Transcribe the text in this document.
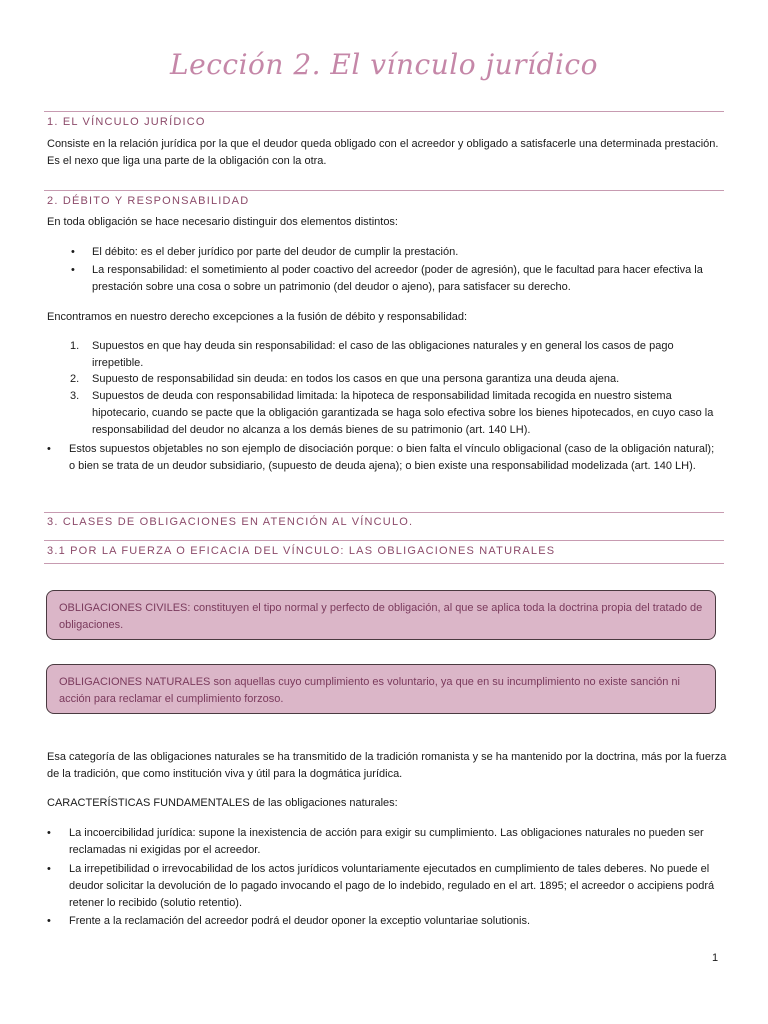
Lección 2. El vínculo jurídico
1. EL VÍNCULO JURÍDICO
Consiste en la relación jurídica por la que el deudor queda obligado con el acreedor y obligado a satisfacerle una determinada prestación. Es el nexo que liga una parte de la obligación con la otra.
2. DÉBITO Y RESPONSABILIDAD
En toda obligación se hace necesario distinguir dos elementos distintos:
• El débito: es el deber jurídico por parte del deudor de cumplir la prestación.
• La responsabilidad: el sometimiento al poder coactivo del acreedor (poder de agresión), que le facultad para hacer efectiva la prestación sobre una cosa o sobre un patrimonio (del deudor o ajeno), para satisfacer su derecho.
Encontramos en nuestro derecho excepciones a la fusión de débito y responsabilidad:
1. Supuestos en que hay deuda sin responsabilidad: el caso de las obligaciones naturales y en general los casos de pago irrepetible.
2. Supuesto de responsabilidad sin deuda: en todos los casos en que una persona garantiza una deuda ajena.
3. Supuestos de deuda con responsabilidad limitada: la hipoteca de responsabilidad limitada recogida en nuestro sistema hipotecario, cuando se pacte que la obligación garantizada se haga solo efectiva sobre los bienes hipotecados, en cuyo caso la responsabilidad del deudor no alcanza a los demás bienes de su patrimonio (art. 140 LH).
• Estos supuestos objetables no son ejemplo de disociación porque: o bien falta el vínculo obligacional (caso de la obligación natural); o bien se trata de un deudor subsidiario, (supuesto de deuda ajena); o bien existe una responsabilidad modelizada (art. 140 LH).
3. CLASES DE OBLIGACIONES EN ATENCIÓN AL VÍNCULO.
3.1 POR LA FUERZA O EFICACIA DEL VÍNCULO: LAS OBLIGACIONES NATURALES
OBLIGACIONES CIVILES: constituyen el tipo normal y perfecto de obligación, al que se aplica toda la doctrina propia del tratado de obligaciones.
OBLIGACIONES NATURALES son aquellas cuyo cumplimiento es voluntario, ya que en su incumplimiento no existe sanción ni acción para reclamar el cumplimiento forzoso.
Esa categoría de las obligaciones naturales se ha transmitido de la tradición romanista y se ha mantenido por la doctrina, más por la fuerza de la tradición, que como institución viva y útil para la dogmática jurídica.
CARACTERÍSTICAS FUNDAMENTALES de las obligaciones naturales:
• La incoercibilidad jurídica: supone la inexistencia de acción para exigir su cumplimiento. Las obligaciones naturales no pueden ser reclamadas ni exigidas por el acreedor.
• La irrepetibilidad o irrevocabilidad de los actos jurídicos voluntariamente ejecutados en cumplimiento de tales deberes. No puede el deudor solicitar la devolución de lo pagado invocando el pago de lo indebido, regulado en el art. 1895; el acreedor o accipiens podrá retener lo recibido (solutio retentio).
• Frente a la reclamación del acreedor podrá el deudor oponer la exceptio voluntariae solutionis.
1
